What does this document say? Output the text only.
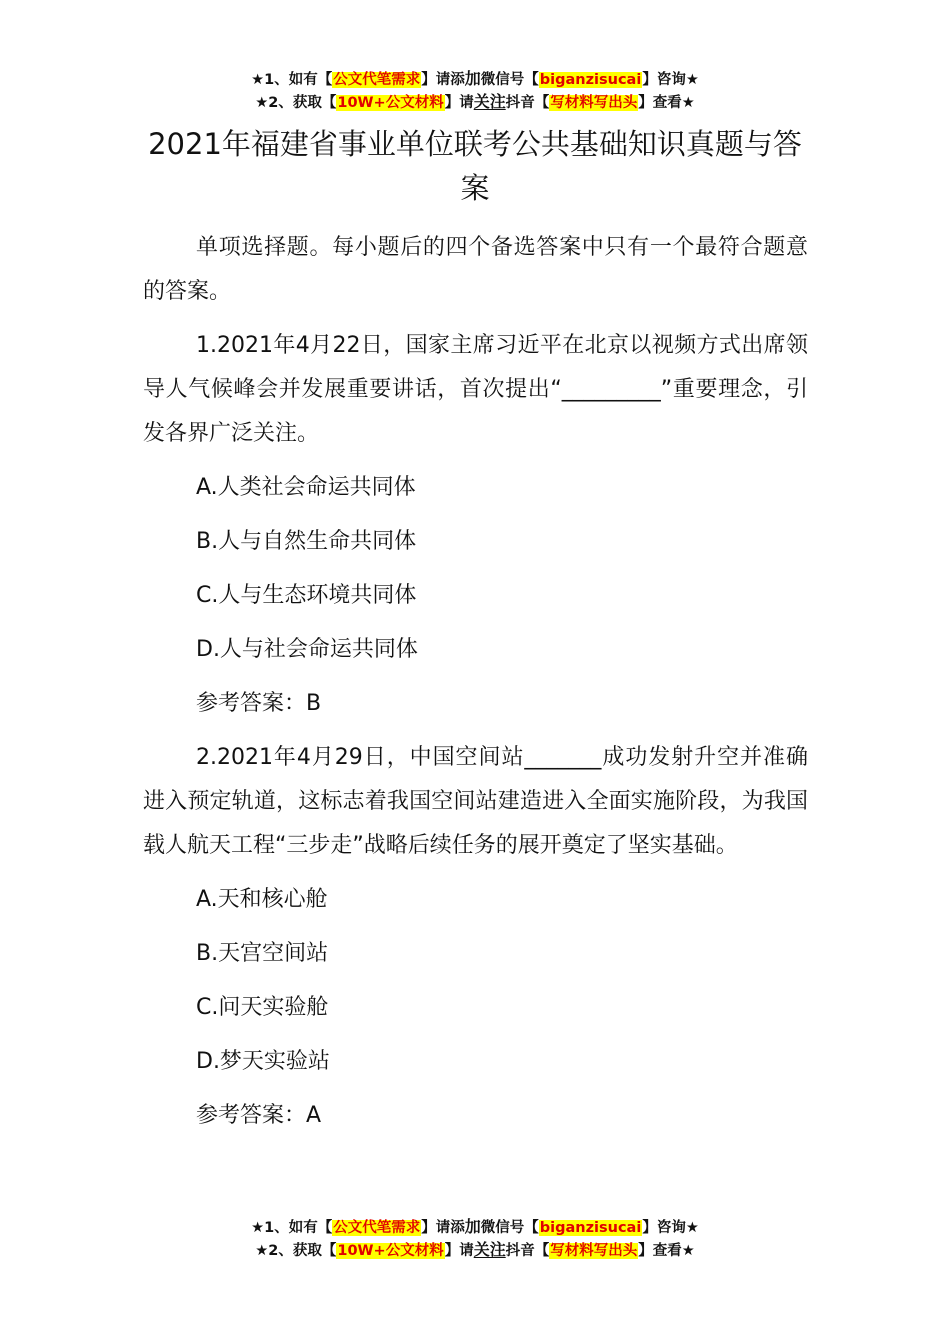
★1、如有【公文代笔需求】请添加微信号【biganzisucai】咨询★
★2、获取【10W+公文材料】请关注抖音【写材料写出头】查看★
2021年福建省事业单位联考公共基础知识真题与答案

单项选择题。每小题后的四个备选答案中只有一个最符合题意的答案。

1.2021年4月22日，国家主席习近平在北京以视频方式出席领导人气候峰会并发展重要讲话，首次提出“_________”重要理念，引发各界广泛关注。

A.人类社会命运共同体

B.人与自然生命共同体

C.人与生态环境共同体

D.人与社会命运共同体

参考答案：B

2.2021年4月29日，中国空间站_______成功发射升空并准确进入预定轨道，这标志着我国空间站建造进入全面实施阶段，为我国载人航天工程“三步走”战略后续任务的展开奠定了坚实基础。

A.天和核心舱

B.天宫空间站

C.问天实验舱

D.梦天实验站

参考答案：A

★1、如有【公文代笔需求】请添加微信号【biganzisucai】咨询★
★2、获取【10W+公文材料】请关注抖音【写材料写出头】查看★
